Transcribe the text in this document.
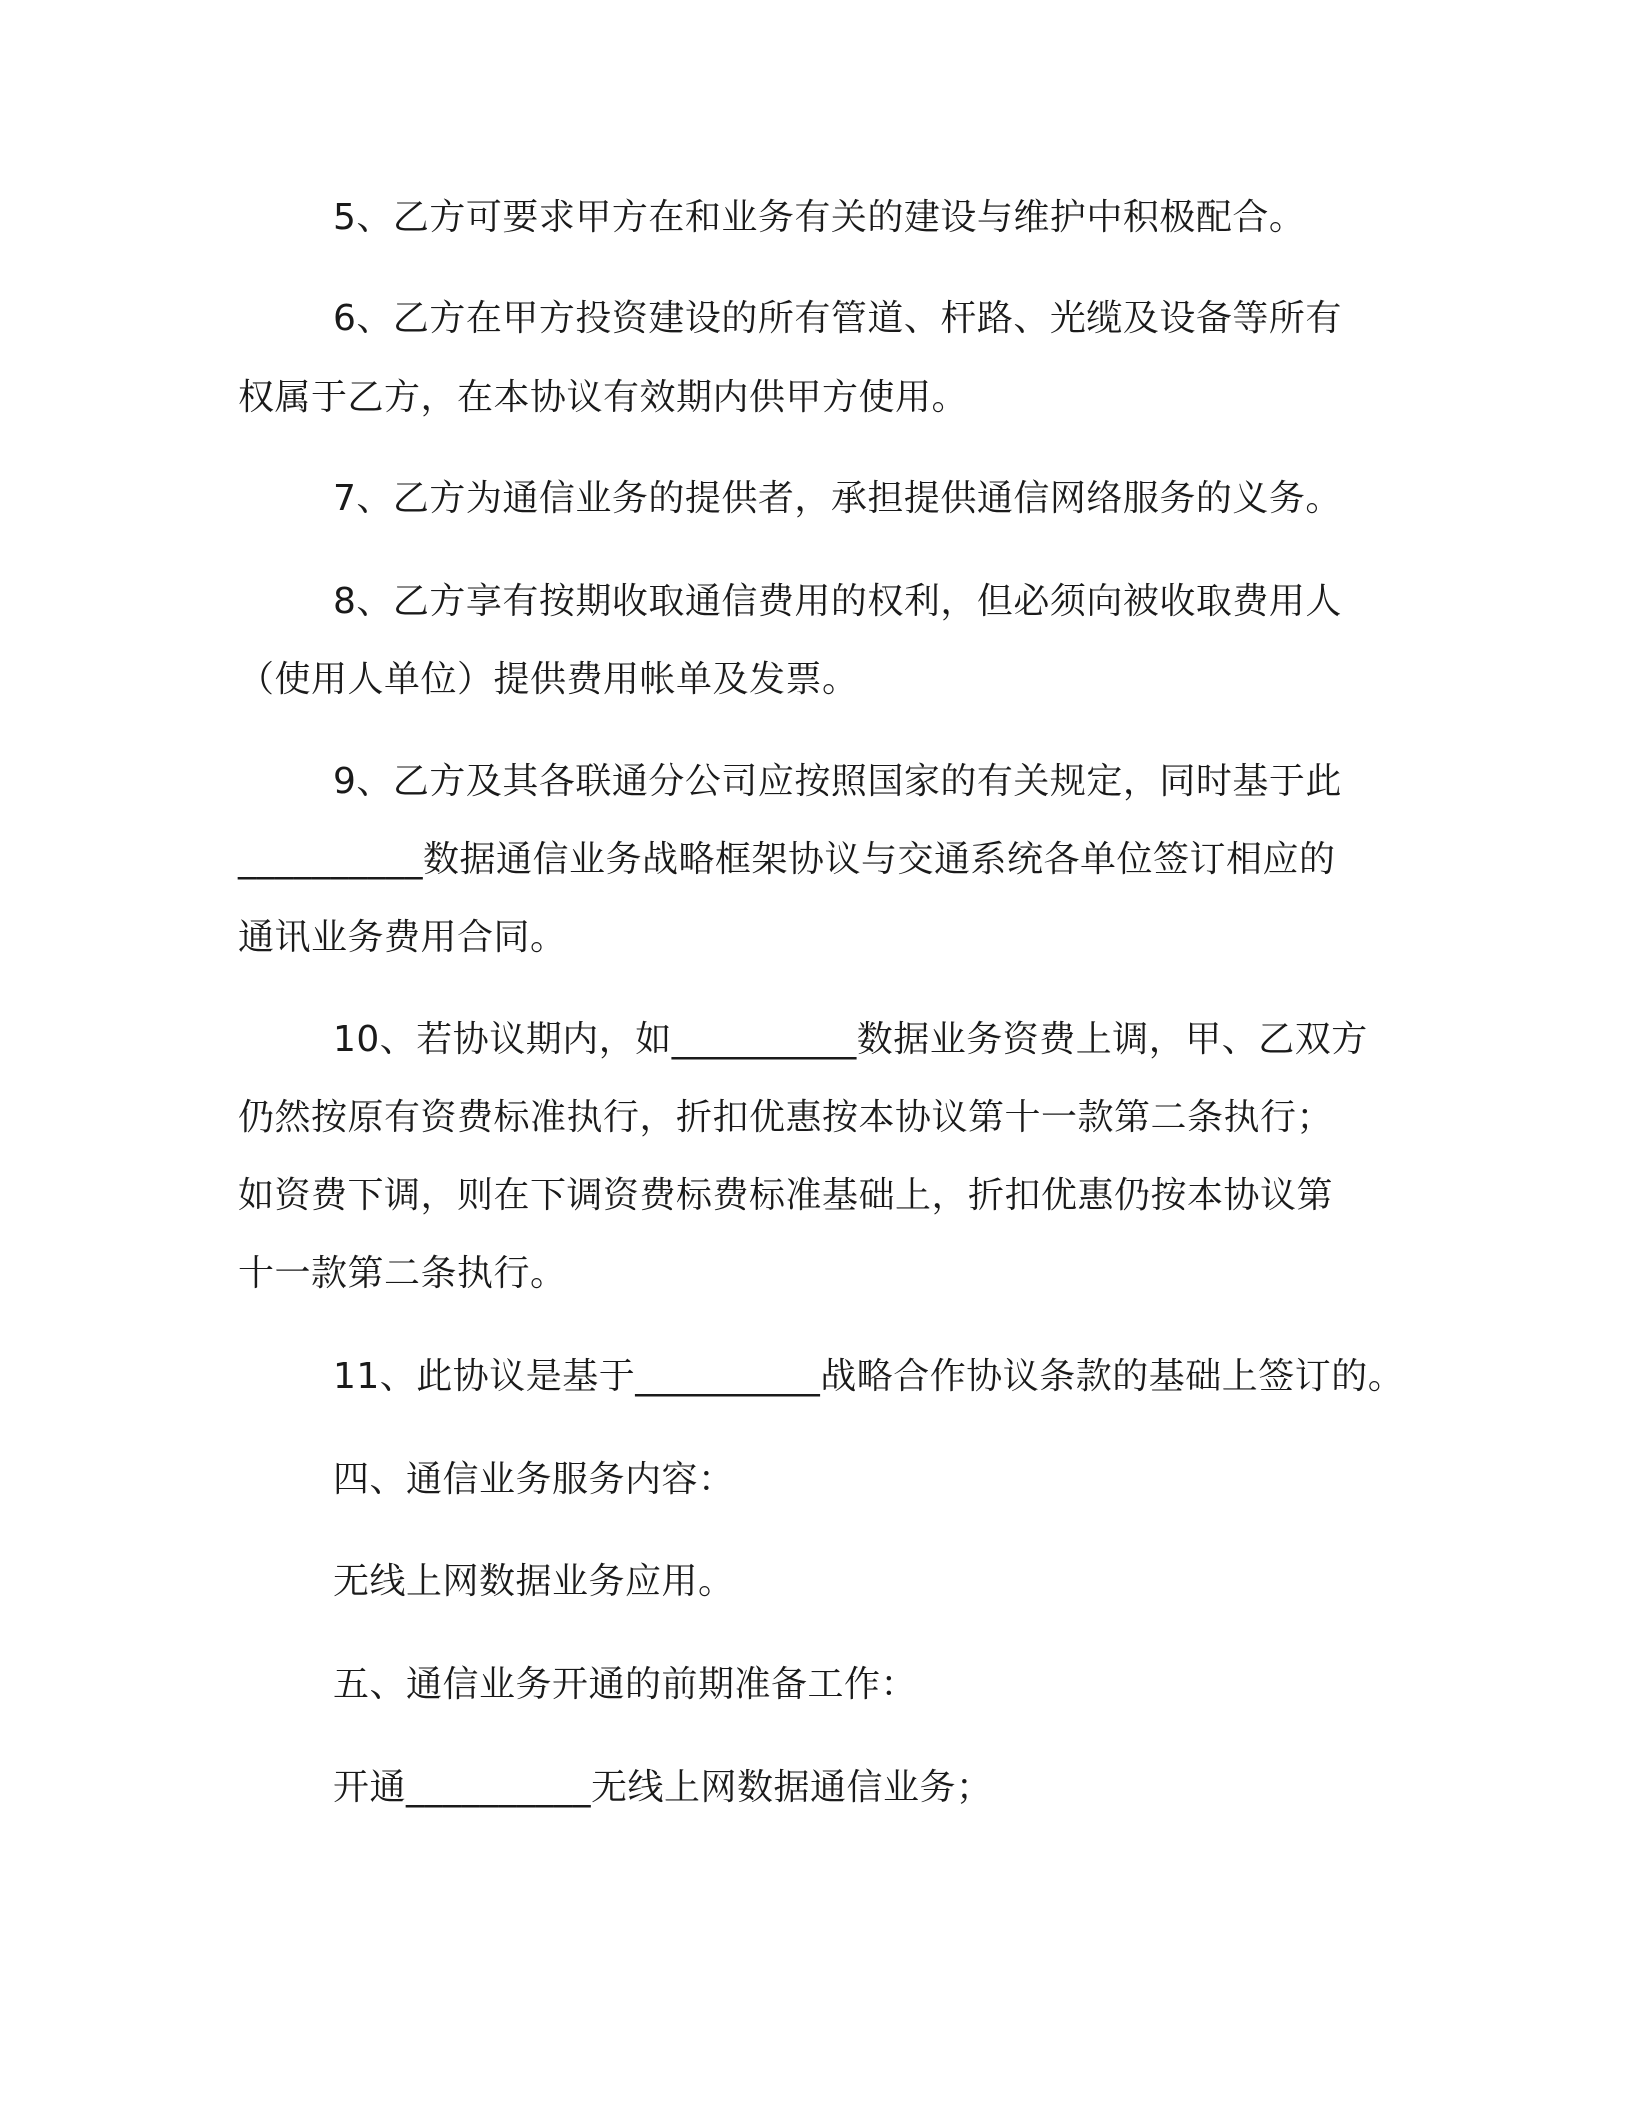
5、乙方可要求甲方在和业务有关的建设与维护中积极配合。
6、乙方在甲方投资建设的所有管道、杆路、光缆及设备等所有
权属于乙方，在本协议有效期内供甲方使用。
7、乙方为通信业务的提供者，承担提供通信网络服务的义务。
8、乙方享有按期收取通信费用的权利，但必须向被收取费用人
（使用人单位）提供费用帐单及发票。
9、乙方及其各联通分公司应按照国家的有关规定，同时基于此
__________数据通信业务战略框架协议与交通系统各单位签订相应的
通讯业务费用合同。
10、若协议期内，如__________数据业务资费上调，甲、乙双方
仍然按原有资费标准执行，折扣优惠按本协议第十一款第二条执行；
如资费下调，则在下调资费标费标准基础上，折扣优惠仍按本协议第
十一款第二条执行。
11、此协议是基于__________战略合作协议条款的基础上签订的。
四、通信业务服务内容：
无线上网数据业务应用。
五、通信业务开通的前期准备工作：
开通__________无线上网数据通信业务；
